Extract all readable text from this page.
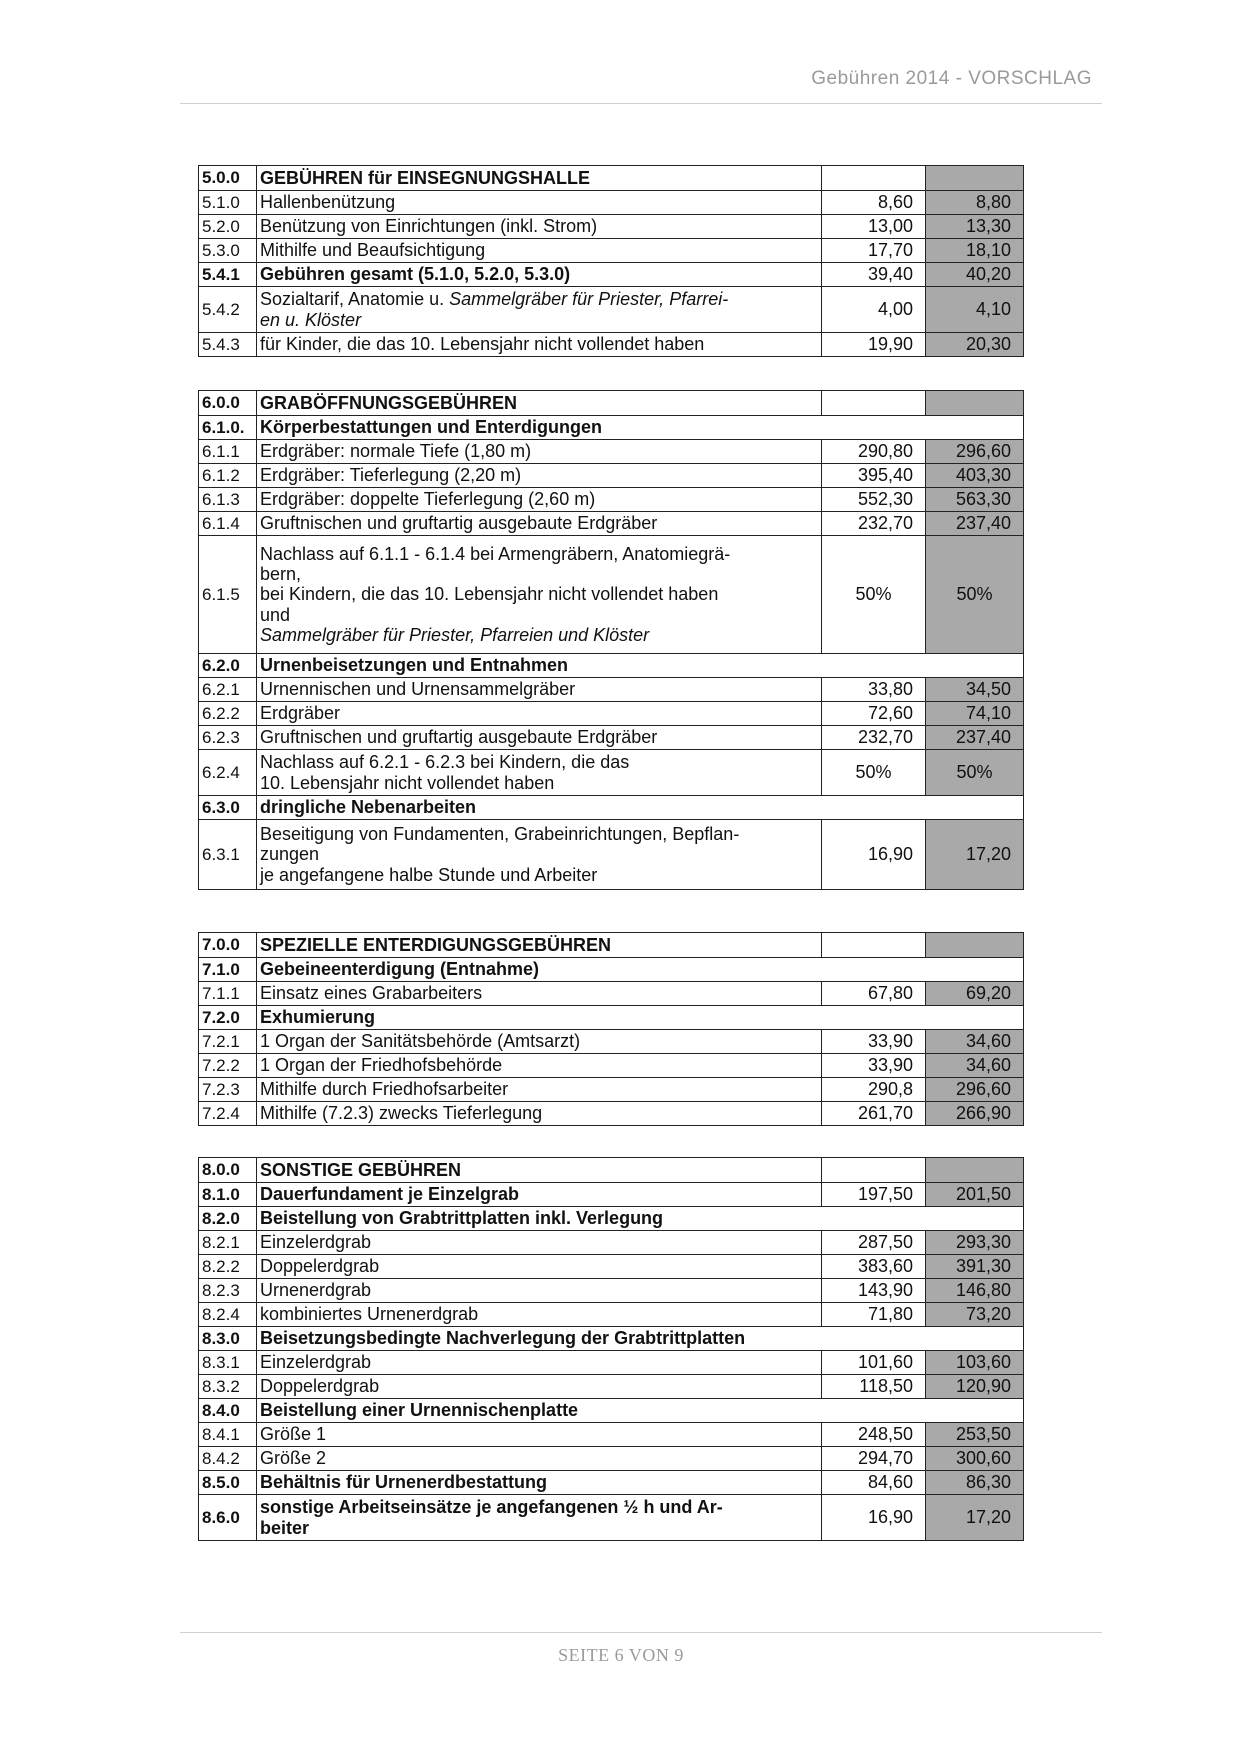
Gebühren 2014 - VORSCHLAG
5.0.0	GEBÜHREN für EINSEGNUNGSHALLE		
5.1.0	Hallenbenützung	8,60	8,80
5.2.0	Benützung von Einrichtungen (inkl. Strom)	13,00	13,30
5.3.0	Mithilfe und Beaufsichtigung	17,70	18,10
5.4.1	Gebühren gesamt (5.1.0, 5.2.0, 5.3.0)	39,40	40,20
5.4.2	Sozialtarif, Anatomie u. Sammelgräber für Priester, Pfarrei-
en u. Klöster	4,00	4,10
5.4.3	für Kinder, die das 10. Lebensjahr nicht vollendet haben	19,90	20,30
6.0.0	GRABÖFFNUNGSGEBÜHREN		
6.1.0.	Körperbestattungen und Enterdigungen		
6.1.1	Erdgräber: normale Tiefe (1,80 m)	290,80	296,60
6.1.2	Erdgräber: Tieferlegung (2,20 m)	395,40	403,30
6.1.3	Erdgräber: doppelte Tieferlegung (2,60 m)	552,30	563,30
6.1.4	Gruftnischen und gruftartig ausgebaute Erdgräber	232,70	237,40
6.1.5	Nachlass auf 6.1.1 - 6.1.4 bei Armengräbern, Anatomiegrä-
bern,
bei Kindern, die das 10. Lebensjahr nicht vollendet haben
und
Sammelgräber für Priester, Pfarreien und Klöster	50%	50%
6.2.0	Urnenbeisetzungen und Entnahmen		
6.2.1	Urnennischen und Urnensammelgräber	33,80	34,50
6.2.2	Erdgräber	72,60	74,10
6.2.3	Gruftnischen und gruftartig ausgebaute Erdgräber	232,70	237,40
6.2.4	Nachlass auf 6.2.1 - 6.2.3 bei Kindern, die das
10. Lebensjahr nicht vollendet haben	50%	50%
6.3.0	dringliche Nebenarbeiten		
6.3.1	Beseitigung von Fundamenten, Grabeinrichtungen, Bepflan-
zungen
je angefangene halbe Stunde und Arbeiter	16,90	17,20
7.0.0	SPEZIELLE ENTERDIGUNGSGEBÜHREN		
7.1.0	Gebeineenterdigung (Entnahme)		
7.1.1	Einsatz eines Grabarbeiters	67,80	69,20
7.2.0	Exhumierung		
7.2.1	1 Organ der Sanitätsbehörde (Amtsarzt)	33,90	34,60
7.2.2	1 Organ der Friedhofsbehörde	33,90	34,60
7.2.3	Mithilfe durch Friedhofsarbeiter	290,8	296,60
7.2.4	Mithilfe (7.2.3) zwecks Tieferlegung	261,70	266,90
8.0.0	SONSTIGE GEBÜHREN		
8.1.0	Dauerfundament je Einzelgrab	197,50	201,50
8.2.0	Beistellung von Grabtrittplatten inkl. Verlegung		
8.2.1	Einzelerdgrab	287,50	293,30
8.2.2	Doppelerdgrab	383,60	391,30
8.2.3	Urnenerdgrab	143,90	146,80
8.2.4	kombiniertes Urnenerdgrab	71,80	73,20
8.3.0	Beisetzungsbedingte Nachverlegung der Grabtrittplatten		
8.3.1	Einzelerdgrab	101,60	103,60
8.3.2	Doppelerdgrab	118,50	120,90
8.4.0	Beistellung einer Urnennischenplatte		
8.4.1	Größe 1	248,50	253,50
8.4.2	Größe 2	294,70	300,60
8.5.0	Behältnis für Urnenerdbestattung	84,60	86,30
8.6.0	sonstige Arbeitseinsätze je angefangenen ½ h und Ar-
beiter	16,90	17,20
SEITE 6 VON 9
